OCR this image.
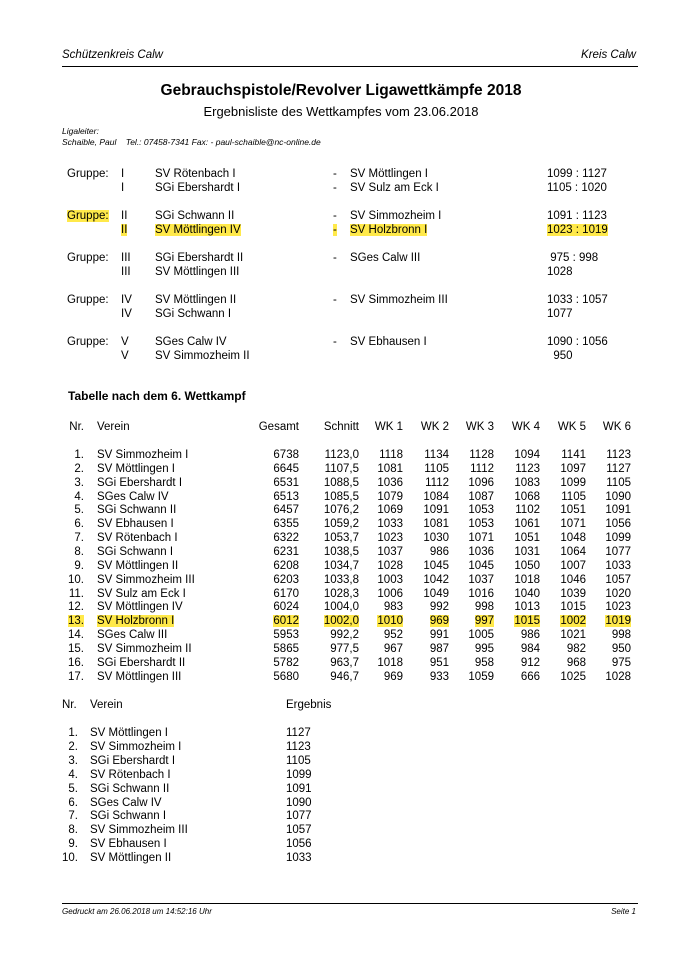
Schützenkreis Calw	Kreis Calw
Gebrauchspistole/Revolver Ligawettkämpfe 2018
Ergebnisliste des Wettkampfes vom 23.06.2018
Ligaleiter:
Schaible, Paul    Tel.: 07458-7341 Fax: - paul-schaible@nc-online.de
Gruppe: I	SV Rötenbach I	- SV Möttlingen I	1099 : 1127
I	SGi Ebershardt I	- SV Sulz am Eck I	1105 : 1020
Gruppe: II SGi Schwann II	- SV Simmozheim I	1091 : 1123
II SV Möttlingen IV	- SV Holzbronn I	1023 : 1019
Gruppe: III SGi Ebershardt II	- SGes Calw III	975 : 998
III SV Möttlingen III	1028
Gruppe: IV SV Möttlingen II	- SV Simmozheim III	1033 : 1057
IV SGi Schwann I	1077
Gruppe: V SGes Calw IV	- SV Ebhausen I	1090 : 1056
V SV Simmozheim II	950
Tabelle nach dem 6. Wettkampf
Nr. Verein	Gesamt Schnitt WK 1 WK 2 WK 3 WK 4 WK 5 WK 6
1. SV Simmozheim I	6738 1123,0 1118 1134 1128 1094 1141 1123
2. SV Möttlingen I	6645 1107,5 1081 1105 1112 1123 1097 1127
3. SGi Ebershardt I	6531 1088,5 1036 1112 1096 1083 1099 1105
4. SGes Calw IV	6513 1085,5 1079 1084 1087 1068 1105 1090
5. SGi Schwann II	6457 1076,2 1069 1091 1053 1102 1051 1091
6. SV Ebhausen I	6355 1059,2 1033 1081 1053 1061 1071 1056
7. SV Rötenbach I	6322 1053,7 1023 1030 1071 1051 1048 1099
8. SGi Schwann I	6231 1038,5 1037 986 1036 1031 1064 1077
9. SV Möttlingen II	6208 1034,7 1028 1045 1045 1050 1007 1033
10. SV Simmozheim III	6203 1033,8 1003 1042 1037 1018 1046 1057
11. SV Sulz am Eck I	6170 1028,3 1006 1049 1016 1040 1039 1020
12. SV Möttlingen IV	6024 1004,0 983 992 998 1013 1015 1023
13. SV Holzbronn I	6012 1002,0 1010 969 997 1015 1002 1019
14. SGes Calw III	5953	992,2 952 991 1005 986 1021 998
15. SV Simmozheim II	5865	977,5 967 987 995 984 982 950
16. SGi Ebershardt II	5782	963,7 1018 951 958 912 968 975
17. SV Möttlingen III	5680	946,7 969 933 1059 666 1025 1028
Nr. Verein	Ergebnis
1. SV Möttlingen I	1127
2. SV Simmozheim I	1123
3. SGi Ebershardt I	1105
4. SV Rötenbach I	1099
5. SGi Schwann II	1091
6. SGes Calw IV	1090
7. SGi Schwann I	1077
8. SV Simmozheim III	1057
9. SV Ebhausen I	1056
10. SV Möttlingen II	1033
Gedruckt am 26.06.2018 um 14:52:16 Uhr	Seite 1
